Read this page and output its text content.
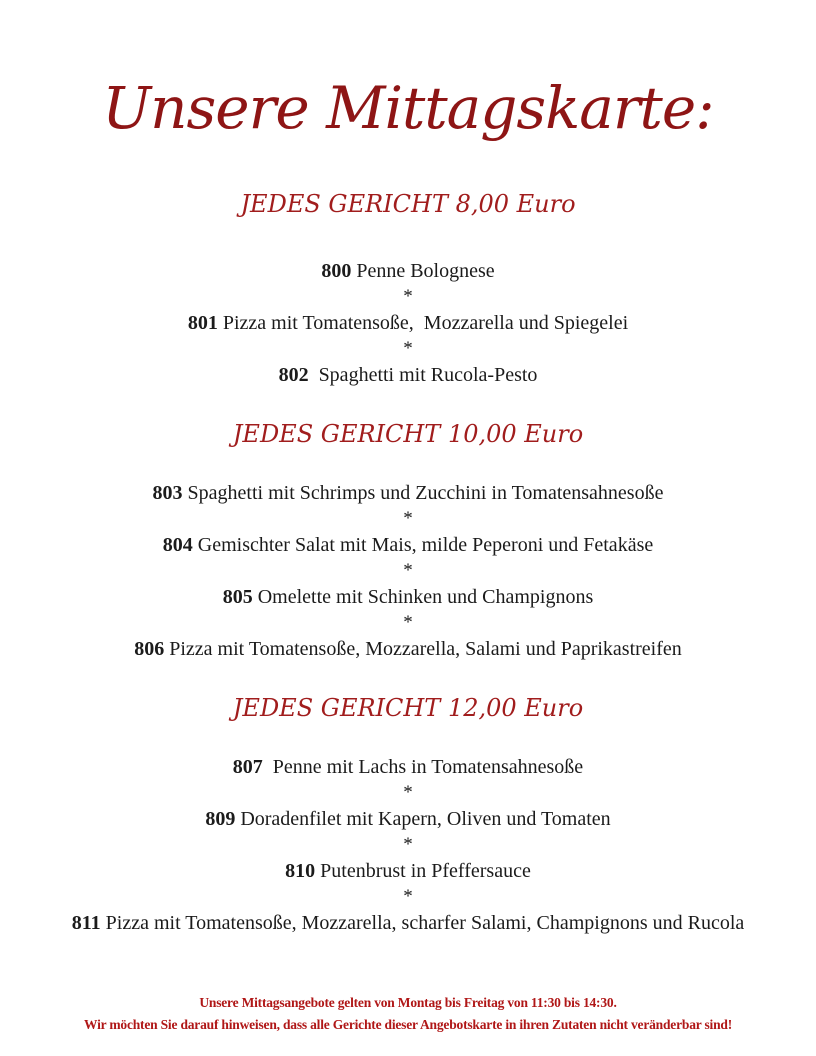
Unsere Mittagskarte:
JEDES GERICHT 8,00 Euro
800 Penne Bolognese
*
801 Pizza mit Tomatensoße,  Mozzarella und Spiegelei
*
802  Spaghetti mit Rucola-Pesto
JEDES GERICHT 10,00 Euro
803 Spaghetti mit Schrimps und Zucchini in Tomatensahnesoße
*
804 Gemischter Salat mit Mais, milde Peperoni und Fetakäse
*
805 Omelette mit Schinken und Champignons
*
806 Pizza mit Tomatensoße, Mozzarella, Salami und Paprikastreifen
JEDES GERICHT 12,00 Euro
807  Penne mit Lachs in Tomatensahnesoße
*
809 Doradenfilet mit Kapern, Oliven und Tomaten
*
810 Putenbrust in Pfeffersauce
*
811 Pizza mit Tomatensoße, Mozzarella, scharfer Salami, Champignons und Rucola

Unsere Mittagsangebote gelten von Montag bis Freitag von 11:30 bis 14:30.

Wir möchten Sie darauf hinweisen, dass alle Gerichte dieser Angebotskarte in ihren Zutaten nicht veränderbar sind!
